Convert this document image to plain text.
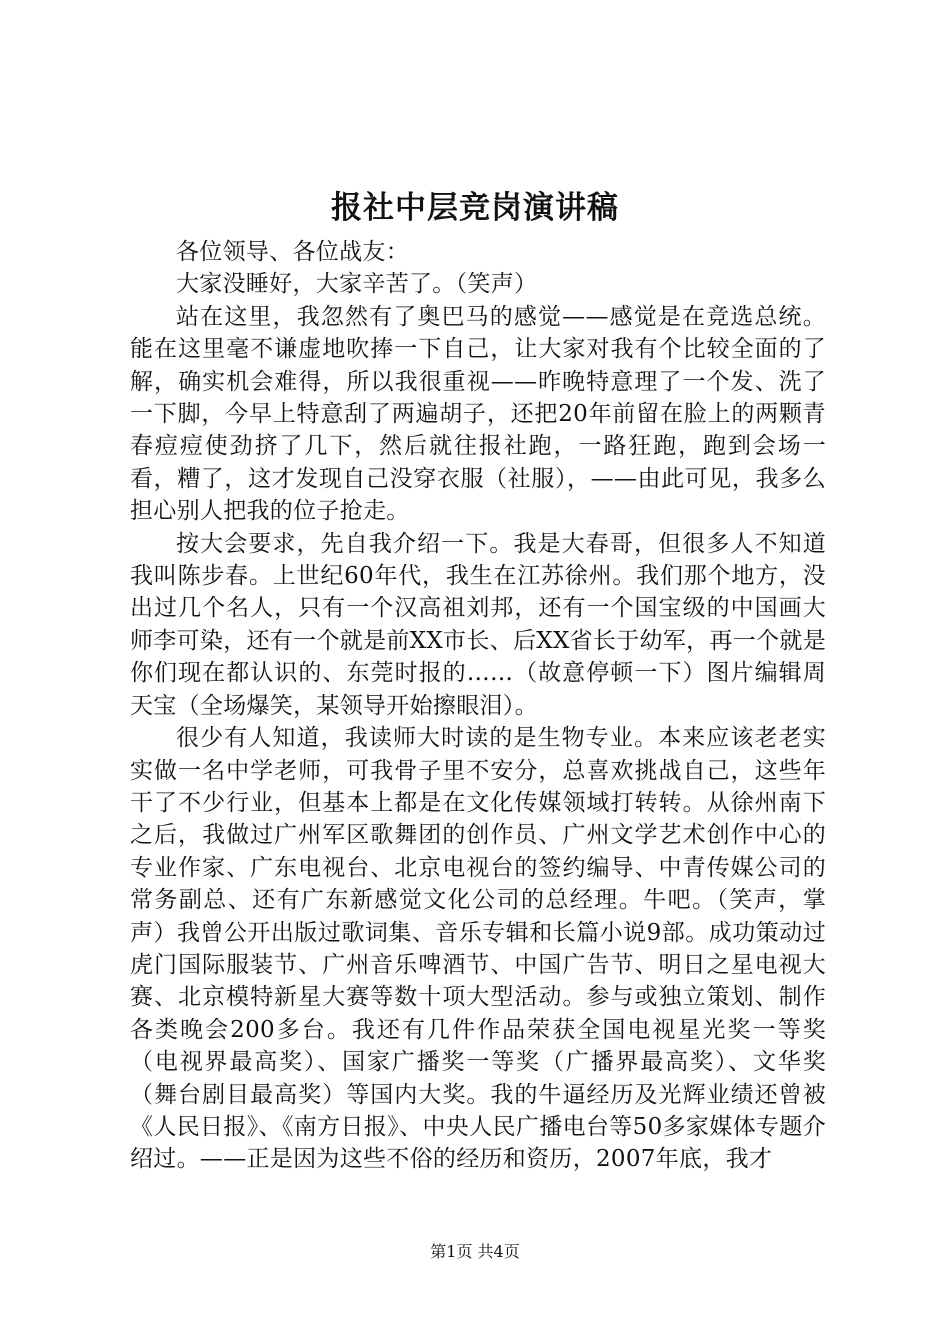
报社中层竞岗演讲稿

各位领导、各位战友：

大家没睡好，大家辛苦了。（笑声）

站在这里，我忽然有了奥巴马的感觉——感觉是在竞选总统。能在这里毫不谦虚地吹捧一下自己，让大家对我有个比较全面的了解，确实机会难得，所以我很重视——昨晚特意理了一个发、洗了一下脚，今早上特意刮了两遍胡子，还把20年前留在脸上的两颗青春痘痘使劲挤了几下，然后就往报社跑，一路狂跑，跑到会场一看，糟了，这才发现自己没穿衣服（社服），——由此可见，我多么担心别人把我的位子抢走。

按大会要求，先自我介绍一下。我是大春哥，但很多人不知道我叫陈步春。上世纪60年代，我生在江苏徐州。我们那个地方，没出过几个名人，只有一个汉高祖刘邦，还有一个国宝级的中国画大师李可染，还有一个就是前XX市长、后XX省长于幼军，再一个就是你们现在都认识的、东莞时报的……（故意停顿一下）图片编辑周天宝（全场爆笑，某领导开始擦眼泪）。

很少有人知道，我读师大时读的是生物专业。本来应该老老实实做一名中学老师，可我骨子里不安分，总喜欢挑战自己，这些年干了不少行业，但基本上都是在文化传媒领域打转转。从徐州南下之后，我做过广州军区歌舞团的创作员、广州文学艺术创作中心的专业作家、广东电视台、北京电视台的签约编导、中青传媒公司的常务副总、还有广东新感觉文化公司的总经理。牛吧。（笑声，掌声）我曾公开出版过歌词集、音乐专辑和长篇小说9部。成功策动过虎门国际服装节、广州音乐啤酒节、中国广告节、明日之星电视大赛、北京模特新星大赛等数十项大型活动。参与或独立策划、制作各类晚会200多台。我还有几件作品荣获全国电视星光奖一等奖（电视界最高奖）、国家广播奖一等奖（广播界最高奖）、文华奖（舞台剧目最高奖）等国内大奖。我的牛逼经历及光辉业绩还曾被《人民日报》、《南方日报》、中央人民广播电台等50多家媒体专题介绍过。——正是因为这些不俗的经历和资历，2007年底，我才

第1页 共4页
